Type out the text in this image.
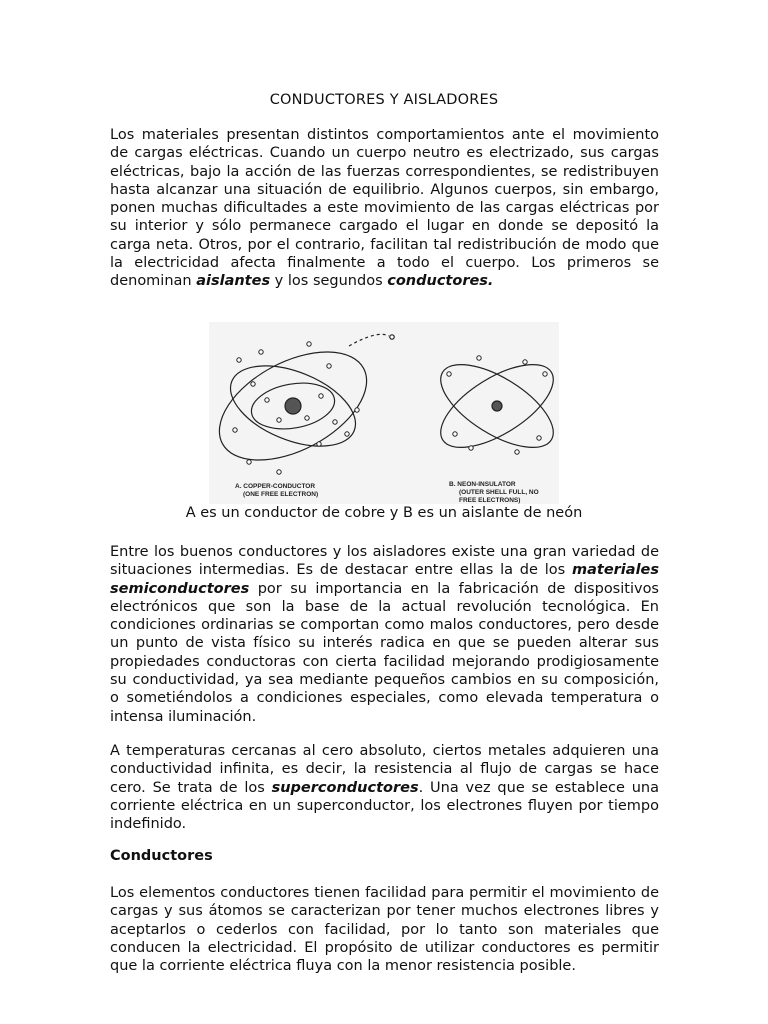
CONDUCTORES Y AISLADORES

Los materiales presentan distintos comportamientos ante el movimiento de cargas eléctricas. Cuando un cuerpo neutro es electrizado, sus cargas eléctricas, bajo la acción de las fuerzas correspondientes, se redistribuyen hasta alcanzar una situación de equilibrio. Algunos cuerpos, sin embargo, ponen muchas dificultades a este movimiento de las cargas eléctricas por su interior y sólo permanece cargado el lugar en donde se depositó la carga neta. Otros, por el contrario, facilitan tal redistribución de modo que la electricidad afecta finalmente a todo el cuerpo. Los primeros se denominan aislantes y los segundos conductores.

A. COPPER-CONDUCTOR
(ONE FREE ELECTRON)
B. NEON-INSULATOR
(OUTER SHELL FULL, NO
FREE ELECTRONS)
A es un conductor de cobre y B es un aislante de neón

Entre los buenos conductores y los aisladores existe una gran variedad de situaciones intermedias. Es de destacar entre ellas la de los materiales semiconductores por su importancia en la fabricación de dispositivos electrónicos que son la base de la actual revolución tecnológica. En condiciones ordinarias se comportan como malos conductores, pero desde un punto de vista físico su interés radica en que se pueden alterar sus propiedades conductoras con cierta facilidad mejorando prodigiosamente su conductividad, ya sea mediante pequeños cambios en su composición, o sometiéndolos a condiciones especiales, como elevada temperatura o intensa iluminación.

A temperaturas cercanas al cero absoluto, ciertos metales adquieren una conductividad infinita, es decir, la resistencia al flujo de cargas se hace cero. Se trata de los superconductores. Una vez que se establece una corriente eléctrica en un superconductor, los electrones fluyen por tiempo indefinido.

Conductores

Los elementos conductores tienen facilidad para permitir el movimiento de cargas y sus átomos se caracterizan por tener muchos electrones libres y aceptarlos o cederlos con facilidad, por lo tanto son materiales que conducen la electricidad. El propósito de utilizar conductores es permitir que la corriente eléctrica fluya con la menor resistencia posible.
